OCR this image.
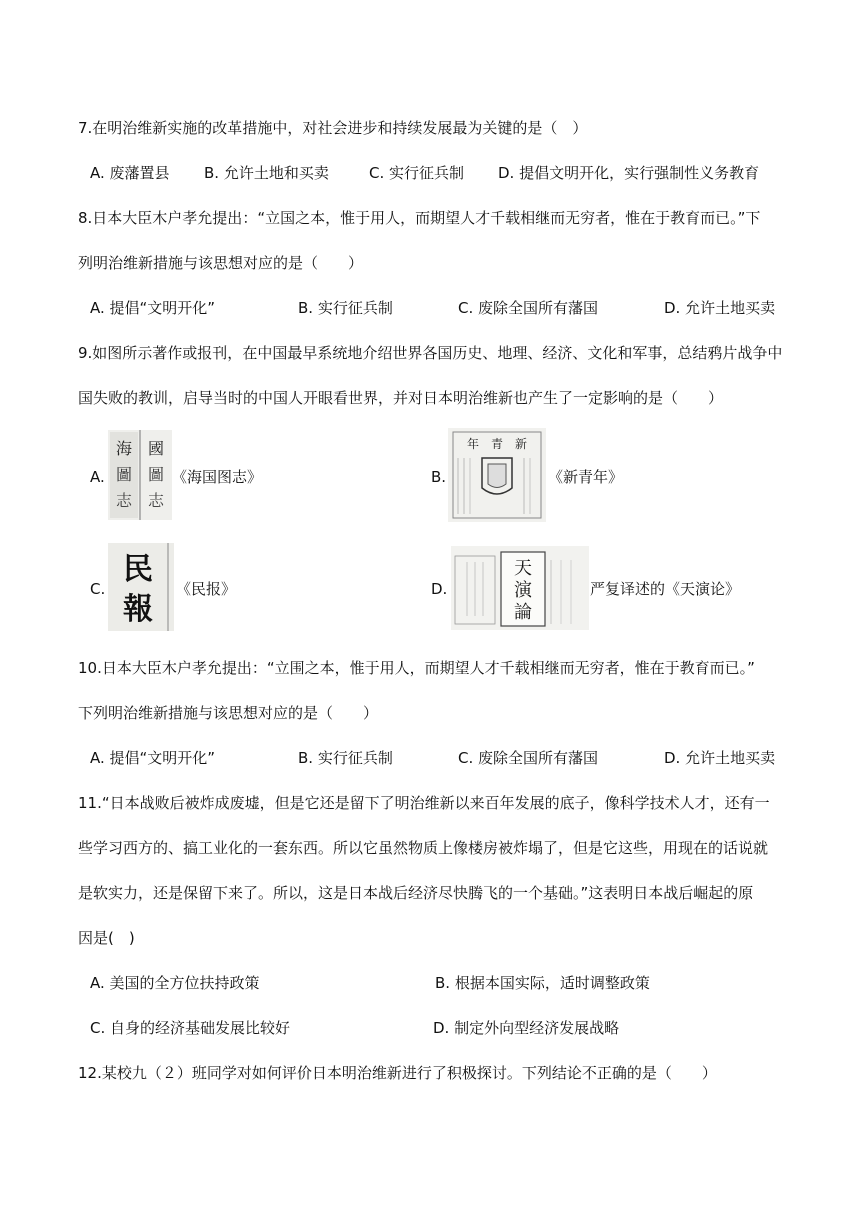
7.在明治维新实施的改革措施中，对社会进步和持续发展最为关键的是（　）
A. 废藩置县 B. 允许土地和买卖	C. 实行征兵制 D. 提倡文明开化，实行强制性义务教育
8.日本大臣木户孝允提出：“立国之本，惟于用人，而期望人才千载相继而无穷者，惟在于教育而已。”下
列明治维新措施与该思想对应的是（　　）
A. 提倡“文明开化”	B. 实行征兵制	C. 废除全国所有藩国	D. 允许土地买卖
9.如图所示著作或报刊，在中国最早系统地介绍世界各国历史、地理、经济、文化和军事，总结鸦片战争中
国失败的教训，启导当时的中国人开眼看世界，并对日本明治维新也产生了一定影响的是（　　）
A.
海 國
圖 圖
志 志
《海国图志》	B.
年　青　新
《新青年》
C.
民
報
《民报》	D.
天
演
論
严复译述的《天演论》
10.日本大臣木户孝允提出：“立围之本，惟于用人，而期望人才千载相继而无穷者，惟在于教育而已。”
下列明治维新措施与该思想对应的是（　　）
A. 提倡“文明开化”	B. 实行征兵制	C. 废除全国所有藩国	D. 允许土地买卖
11.“日本战败后被炸成废墟，但是它还是留下了明治维新以来百年发展的底子，像科学技术人才，还有一
些学习西方的、搞工业化的一套东西。所以它虽然物质上像楼房被炸塌了，但是它这些，用现在的话说就
是软实力，还是保留下来了。所以，这是日本战后经济尽快腾飞的一个基础。”这表明日本战后崛起的原
因是(　)
A. 美国的全方位扶持政策	B. 根据本国实际，适时调整政策
C. 自身的经济基础发展比较好	D. 制定外向型经济发展战略
12.某校九（２）班同学对如何评价日本明治维新进行了积极探讨。下列结论不正确的是（　　）
